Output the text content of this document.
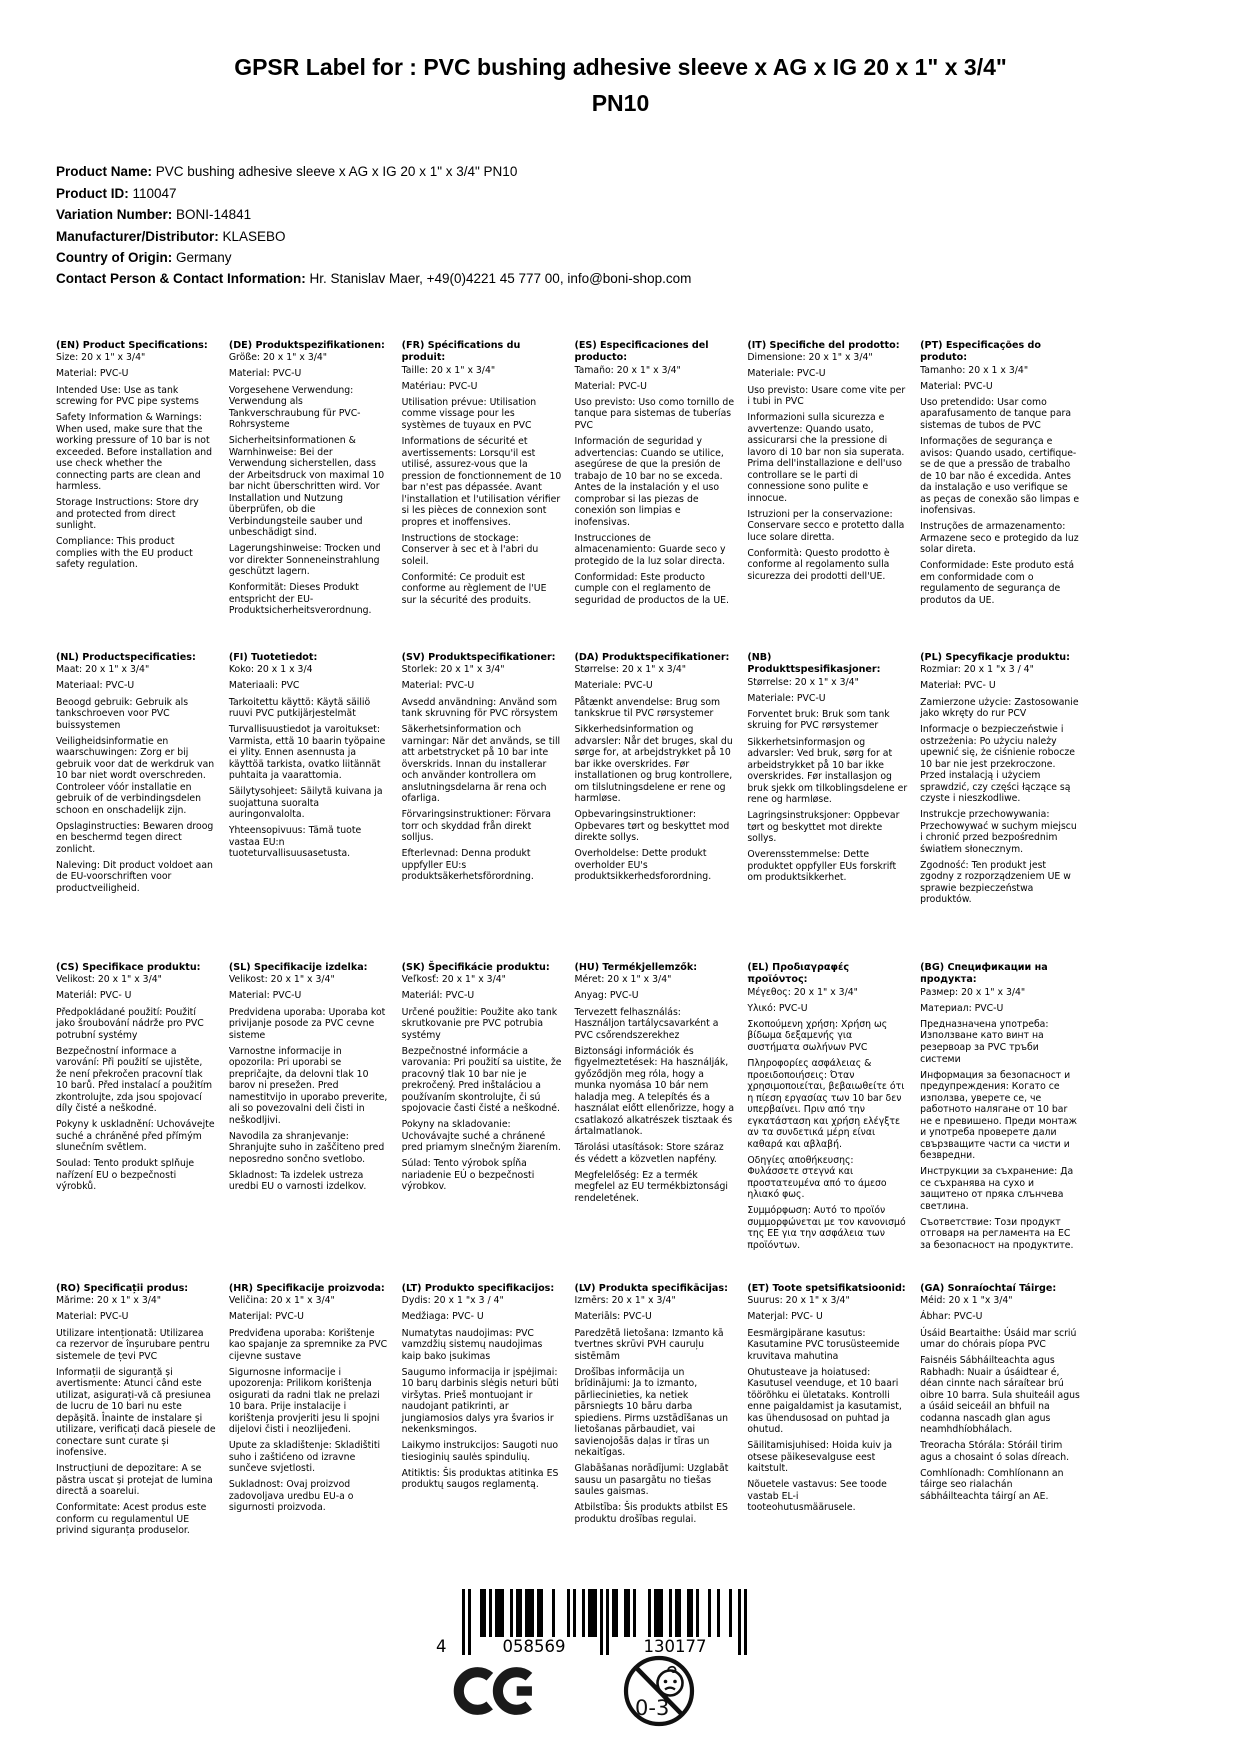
GPSR Label for : PVC bushing adhesive sleeve x AG x IG 20 x 1" x 3/4" PN10
Product Name: PVC bushing adhesive sleeve x AG x IG 20 x 1" x 3/4" PN10
Product ID: 110047
Variation Number: BONI-14841
Manufacturer/Distributor: KLASEBO
Country of Origin: Germany
Contact Person & Contact Information: Hr. Stanislav Maer, +49(0)4221 45 777 00, info@boni-shop.com
(EN) Product Specifications:

Size: 20 x 1" x 3/4"

Material: PVC-U

Intended Use: Use as tank screwing for PVC pipe systems

Safety Information & Warnings: When used, make sure that the working pressure of 10 bar is not exceeded. Before installation and use check whether the connecting parts are clean and harmless.

Storage Instructions: Store dry and protected from direct sunlight.

Compliance: This product complies with the EU product safety regulation.

(DE) Produktspezifikationen:

Größe: 20 x 1" x 3/4"

Material: PVC-U

Vorgesehene Verwendung: Verwendung als Tankverschraubung für PVC-Rohrsysteme

Sicherheitsinformationen & Warnhinweise: Bei der Verwendung sicherstellen, dass der Arbeitsdruck von maximal 10 bar nicht überschritten wird. Vor Installation und Nutzung überprüfen, ob die Verbindungsteile sauber und unbeschädigt sind.

Lagerungshinweise: Trocken und vor direkter Sonneneinstrahlung geschützt lagern.

Konformität: Dieses Produkt entspricht der EU-Produktsicherheitsverordnung.

(FR) Spécifications du produit:

Taille: 20 x 1" x 3/4"

Matériau: PVC-U

Utilisation prévue: Utilisation comme vissage pour les systèmes de tuyaux en PVC

Informations de sécurité et avertissements: Lorsqu'il est utilisé, assurez-vous que la pression de fonctionnement de 10 bar n'est pas dépassée. Avant l'installation et l'utilisation vérifier si les pièces de connexion sont propres et inoffensives.

Instructions de stockage: Conserver à sec et à l'abri du soleil.

Conformité: Ce produit est conforme au règlement de l'UE sur la sécurité des produits.

(ES) Especificaciones del producto:

Tamaño: 20 x 1" x 3/4"

Material: PVC-U

Uso previsto: Uso como tornillo de tanque para sistemas de tuberías PVC

Información de seguridad y advertencias: Cuando se utilice, asegúrese de que la presión de trabajo de 10 bar no se exceda. Antes de la instalación y el uso comprobar si las piezas de conexión son limpias e inofensivas.

Instrucciones de almacenamiento: Guarde seco y protegido de la luz solar directa.

Conformidad: Este producto cumple con el reglamento de seguridad de productos de la UE.

(IT) Specifiche del prodotto:

Dimensione: 20 x 1" x 3/4"

Materiale: PVC-U

Uso previsto: Usare come vite per i tubi in PVC

Informazioni sulla sicurezza e avvertenze: Quando usato, assicurarsi che la pressione di lavoro di 10 bar non sia superata. Prima dell'installazione e dell'uso controllare se le parti di connessione sono pulite e innocue.

Istruzioni per la conservazione: Conservare secco e protetto dalla luce solare diretta.

Conformità: Questo prodotto è conforme al regolamento sulla sicurezza dei prodotti dell'UE.

(PT) Especificações do produto:

Tamanho: 20 x 1 x 3/4"

Material: PVC-U

Uso pretendido: Usar como aparafusamento de tanque para sistemas de tubos de PVC

Informações de segurança e avisos: Quando usado, certifique-se de que a pressão de trabalho de 10 bar não é excedida. Antes da instalação e uso verifique se as peças de conexão são limpas e inofensivas.

Instruções de armazenamento: Armazene seco e protegido da luz solar direta.

Conformidade: Este produto está em conformidade com o regulamento de segurança de produtos da UE.

(NL) Productspecificaties:

Maat: 20 x 1" x 3/4"

Materiaal: PVC-U

Beoogd gebruik: Gebruik als tankschroeven voor PVC buissystemen

Veiligheidsinformatie en waarschuwingen: Zorg er bij gebruik voor dat de werkdruk van 10 bar niet wordt overschreden. Controleer vóór installatie en gebruik of de verbindingsdelen schoon en onschadelijk zijn.

Opslaginstructies: Bewaren droog en beschermd tegen direct zonlicht.

Naleving: Dit product voldoet aan de EU-voorschriften voor productveiligheid.

(FI) Tuotetiedot:

Koko: 20 x 1 x 3/4

Materiaali: PVC

Tarkoitettu käyttö: Käytä säiliö ruuvi PVC putkijärjestelmät

Turvallisuustiedot ja varoitukset: Varmista, että 10 baarin työpaine ei ylity. Ennen asennusta ja käyttöä tarkista, ovatko liitännät puhtaita ja vaarattomia.

Säilytysohjeet: Säilytä kuivana ja suojattuna suoralta auringonvalolta.

Yhteensopivuus: Tämä tuote vastaa EU:n tuoteturvallisuusasetusta.

(SV) Produktspecifikationer:

Storlek: 20 x 1" x 3/4"

Material: PVC-U

Avsedd användning: Använd som tank skruvning för PVC rörsystem

Säkerhetsinformation och varningar: När det används, se till att arbetstrycket på 10 bar inte överskrids. Innan du installerar och använder kontrollera om anslutningsdelarna är rena och ofarliga.

Förvaringsinstruktioner: Förvara torr och skyddad från direkt solljus.

Efterlevnad: Denna produkt uppfyller EU:s produktsäkerhetsförordning.

(DA) Produktspecifikationer:

Størrelse: 20 x 1" x 3/4"

Materiale: PVC-U

Påtænkt anvendelse: Brug som tankskrue til PVC rørsystemer

Sikkerhedsinformation og advarsler: Når det bruges, skal du sørge for, at arbejdstrykket på 10 bar ikke overskrides. Før installationen og brug kontrollere, om tilslutningsdelene er rene og harmløse.

Opbevaringsinstruktioner: Opbevares tørt og beskyttet mod direkte sollys.

Overholdelse: Dette produkt overholder EU's produktsikkerhedsforordning.

(NB) Produkttspesifikasjoner:

Størrelse: 20 x 1" x 3/4"

Materiale: PVC-U

Forventet bruk: Bruk som tank skruing for PVC rørsystemer

Sikkerhetsinformasjon og advarsler: Ved bruk, sørg for at arbeidstrykket på 10 bar ikke overskrides. Før installasjon og bruk sjekk om tilkoblingsdelene er rene og harmløse.

Lagringsinstruksjoner: Oppbevar tørt og beskyttet mot direkte sollys.

Overensstemmelse: Dette produktet oppfyller EUs forskrift om produktsikkerhet.

(PL) Specyfikacje produktu:

Rozmiar: 20 x 1 "x 3 / 4"

Materiał: PVC- U

Zamierzone użycie: Zastosowanie jako wkręty do rur PCV

Informacje o bezpieczeństwie i ostrzeżenia: Po użyciu należy upewnić się, że ciśnienie robocze 10 bar nie jest przekroczone. Przed instalacją i użyciem sprawdzić, czy części łączące są czyste i nieszkodliwe.

Instrukcje przechowywania: Przechowywać w suchym miejscu i chronić przed bezpośrednim światłem słonecznym.

Zgodność: Ten produkt jest zgodny z rozporządzeniem UE w sprawie bezpieczeństwa produktów.

(CS) Specifikace produktu:

Velikost: 20 x 1" x 3/4"

Materiál: PVC- U

Předpokládané použití: Použití jako šroubování nádrže pro PVC potrubní systémy

Bezpečnostní informace a varování: Při použití se ujistěte, že není překročen pracovní tlak 10 barů. Před instalací a použitím zkontrolujte, zda jsou spojovací díly čisté a neškodné.

Pokyny k uskladnění: Uchovávejte suché a chráněné před přímým slunečním světlem.

Soulad: Tento produkt splňuje nařízení EU o bezpečnosti výrobků.

(SL) Specifikacije izdelka:

Velikost: 20 x 1" x 3/4"

Material: PVC-U

Predvidena uporaba: Uporaba kot privijanje posode za PVC cevne sisteme

Varnostne informacije in opozorila: Pri uporabi se prepričajte, da delovni tlak 10 barov ni presežen. Pred namestitvijo in uporabo preverite, ali so povezovalni deli čisti in neškodljivi.

Navodila za shranjevanje: Shranjujte suho in zaščiteno pred neposredno sončno svetlobo.

Skladnost: Ta izdelek ustreza uredbi EU o varnosti izdelkov.

(SK) Špecifikácie produktu:

Veľkosť: 20 x 1" x 3/4"

Materiál: PVC-U

Určené použitie: Použite ako tank skrutkovanie pre PVC potrubia systémy

Bezpečnostné informácie a varovania: Pri použití sa uistite, že pracovný tlak 10 bar nie je prekročený. Pred inštaláciou a používaním skontrolujte, či sú spojovacie časti čisté a neškodné.

Pokyny na skladovanie: Uchovávajte suché a chránené pred priamym slnečným žiarením.

Súlad: Tento výrobok spĺňa nariadenie EÚ o bezpečnosti výrobkov.

(HU) Termékjellemzők:

Méret: 20 x 1" x 3/4"

Anyag: PVC-U

Tervezett felhasználás: Használjon tartálycsavarként a PVC csőrendszerekhez

Biztonsági információk és figyelmeztetések: Ha használják, győződjön meg róla, hogy a munka nyomása 10 bár nem haladja meg. A telepítés és a használat előtt ellenőrizze, hogy a csatlakozó alkatrészek tisztaak és ártalmatlanok.

Tárolási utasítások: Store száraz és védett a közvetlen napfény.

Megfelelőség: Ez a termék megfelel az EU termékbiztonsági rendeletének.

(EL) Προδιαγραφές προϊόντος:

Μέγεθος: 20 x 1" x 3/4"

Υλικό: PVC-U

Σκοπούμενη χρήση: Χρήση ως βίδωμα δεξαμενής για συστήματα σωλήνων PVC

Πληροφορίες ασφάλειας & προειδοποιήσεις: Όταν χρησιμοποιείται, βεβαιωθείτε ότι η πίεση εργασίας των 10 bar δεν υπερβαίνει. Πριν από την εγκατάσταση και χρήση ελέγξτε αν τα συνδετικά μέρη είναι καθαρά και αβλαβή.

Οδηγίες αποθήκευσης: Φυλάσσετε στεγνά και προστατευμένα από το άμεσο ηλιακό φως.

Συμμόρφωση: Αυτό το προϊόν συμμορφώνεται με τον κανονισμό της ΕΕ για την ασφάλεια των προϊόντων.

(BG) Спецификации на продукта:

Размер: 20 x 1" x 3/4"

Материал: PVC-U

Предназначена употреба: Използване като винт на резервоар за PVC тръби системи

Информация за безопасност и предупреждения: Когато се използва, уверете се, че работното налягане от 10 bar не е превишено. Преди монтаж и употреба проверете дали свързващите части са чисти и безвредни.

Инструкции за съхранение: Да се съхранява на сухо и защитено от пряка слънчева светлина.

Съответствие: Този продукт отговаря на регламента на ЕС за безопасност на продуктите.

(RO) Specificații produs:

Mărime: 20 x 1" x 3/4"

Material: PVC-U

Utilizare intenționată: Utilizarea ca rezervor de înșurubare pentru sistemele de țevi PVC

Informații de siguranță și avertismente: Atunci când este utilizat, asigurați-vă că presiunea de lucru de 10 bari nu este depășită. Înainte de instalare și utilizare, verificați dacă piesele de conectare sunt curate și inofensive.

Instrucțiuni de depozitare: A se păstra uscat și protejat de lumina directă a soarelui.

Conformitate: Acest produs este conform cu regulamentul UE privind siguranța produselor.

(HR) Specifikacije proizvoda:

Veličina: 20 x 1" x 3/4"

Materijal: PVC-U

Predviđena uporaba: Korištenje kao spajanje za spremnike za PVC cijevne sustave

Sigurnosne informacije i upozorenja: Prilikom korištenja osigurati da radni tlak ne prelazi 10 bara. Prije instalacije i korištenja provjeriti jesu li spojni dijelovi čisti i neozlijeđeni.

Upute za skladištenje: Skladištiti suho i zaštićeno od izravne sunčeve svjetlosti.

Sukladnost: Ovaj proizvod zadovoljava uredbu EU-a o sigurnosti proizvoda.

(LT) Produkto specifikacijos:

Dydis: 20 x 1 "x 3 / 4"

Medžiaga: PVC- U

Numatytas naudojimas: PVC vamzdžių sistemų naudojimas kaip bako įsukimas

Saugumo informacija ir įspėjimai: 10 barų darbinis slėgis neturi būti viršytas. Prieš montuojant ir naudojant patikrinti, ar jungiamosios dalys yra švarios ir nekenksmingos.

Laikymo instrukcijos: Saugoti nuo tiesioginių saulės spindulių.

Atitiktis: Šis produktas atitinka ES produktų saugos reglamentą.

(LV) Produkta specifikācijas:

Izmērs: 20 x 1" x 3/4"

Materiāls: PVC-U

Paredzētā lietošana: Izmanto kā tvertnes skrūvi PVH cauruļu sistēmām

Drošības informācija un brīdinājumi: Ja to izmanto, pārliecinieties, ka netiek pārsniegts 10 bāru darba spiediens. Pirms uzstādīšanas un lietošanas pārbaudiet, vai savienojošās daļas ir tīras un nekaitīgas.

Glabāšanas norādījumi: Uzglabāt sausu un pasargātu no tiešas saules gaismas.

Atbilstība: Šis produkts atbilst ES produktu drošības regulai.

(ET) Toote spetsifikatsioonid:

Suurus: 20 x 1" x 3/4"

Materjal: PVC- U

Eesmärgipärane kasutus: Kasutamine PVC torusüsteemide kruvitava mahutina

Ohutusteave ja hoiatused: Kasutusel veenduge, et 10 baari töörõhku ei ületataks. Kontrolli enne paigaldamist ja kasutamist, kas ühendusosad on puhtad ja ohutud.

Säilitamisjuhised: Hoida kuiv ja otsese päikesevalguse eest kaitstult.

Nõuetele vastavus: See toode vastab EL-i tooteohutusmäärusele.

(GA) Sonraíochtaí Táirge:

Méid: 20 x 1 "x 3/4"

Ábhar: PVC-U

Úsáid Beartaithe: Úsáid mar scriú umar do chórais píopa PVC

Faisnéis Sábháilteachta agus Rabhadh: Nuair a úsáidtear é, déan cinnte nach sáraítear brú oibre 10 barra. Sula shuiteáil agus a úsáid seiceáil an bhfuil na codanna nascadh glan agus neamhdhíobhálach.

Treoracha Stórála: Stóráil tirim agus a chosaint ó solas díreach.

Comhlíonadh: Comhlíonann an táirge seo rialachán sábháilteachta táirgí an AE.

4	058569	130177
0-3
